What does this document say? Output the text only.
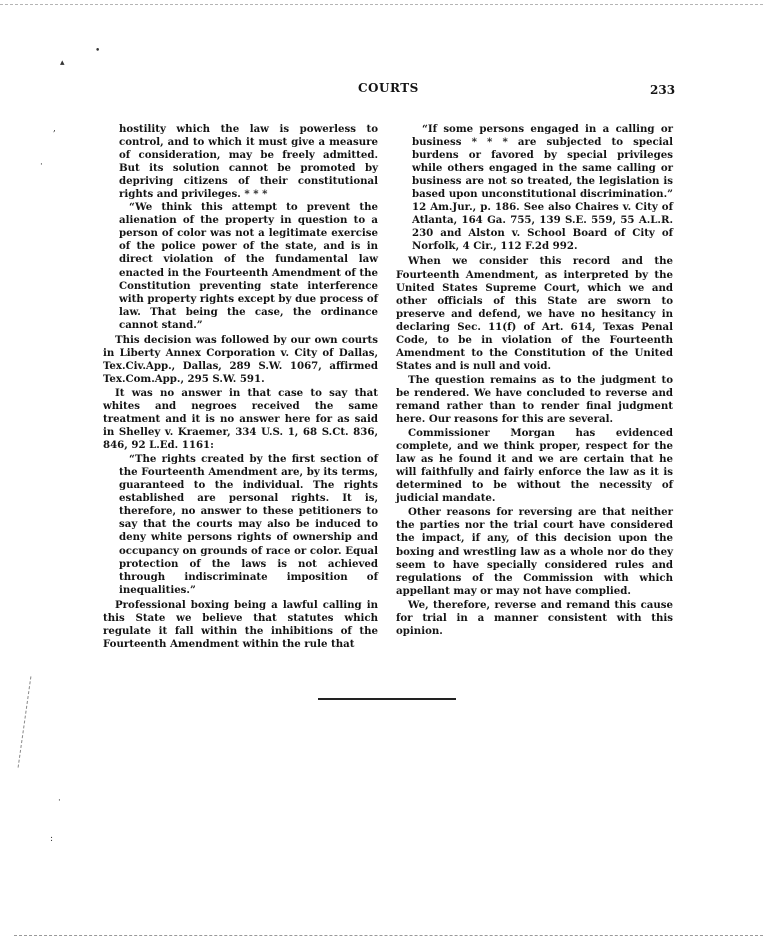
•
▴
,
·
·
:
COURTS	233

hostility which the law is powerless to control, and to which it must give a measure of consideration, may be freely admitted. But its solution cannot be promoted by depriving citizens of their constitutional rights and privileges. * * *

“We think this attempt to prevent the alienation of the property in question to a person of color was not a legitimate exercise of the police power of the state, and is in direct violation of the fundamental law enacted in the Fourteenth Amendment of the Constitution preventing state interference with property rights except by due process of law. That being the case, the ordinance cannot stand.”

This decision was followed by our own courts in Liberty Annex Corporation v. City of Dallas, Tex.Civ.App., Dallas, 289 S.W. 1067, affirmed Tex.Com.App., 295 S.W. 591.

It was no answer in that case to say that whites and negroes received the same treatment and it is no answer here for as said in Shelley v. Kraemer, 334 U.S. 1, 68 S.Ct. 836, 846, 92 L.Ed. 1161:

“The rights created by the first section of the Fourteenth Amendment are, by its terms, guaranteed to the individual. The rights established are personal rights. It is, therefore, no answer to these petitioners to say that the courts may also be induced to deny white persons rights of ownership and occupancy on grounds of race or color. Equal protection of the laws is not achieved through indiscriminate imposition of inequalities.”

Professional boxing being a lawful calling in this State we believe that statutes which regulate it fall within the inhibitions of the Fourteenth Amendment within the rule that

“If some persons engaged in a calling or business * * * are subjected to special burdens or favored by special privileges while others engaged in the same calling or business are not so treated, the legislation is based upon unconstitutional discrimination.” 12 Am.Jur., p. 186. See also Chaires v. City of Atlanta, 164 Ga. 755, 139 S.E. 559, 55 A.L.R. 230 and Alston v. School Board of City of Norfolk, 4 Cir., 112 F.2d 992.

When we consider this record and the Fourteenth Amendment, as interpreted by the United States Supreme Court, which we and other officials of this State are sworn to preserve and defend, we have no hesitancy in declaring Sec. 11(f) of Art. 614, Texas Penal Code, to be in violation of the Fourteenth Amendment to the Constitution of the United States and is null and void.

The question remains as to the judgment to be rendered. We have concluded to reverse and remand rather than to render final judgment here. Our reasons for this are several.

Commissioner Morgan has evidenced complete, and we think proper, respect for the law as he found it and we are certain that he will faithfully and fairly enforce the law as it is determined to be without the necessity of judicial mandate.

Other reasons for reversing are that neither the parties nor the trial court have considered the impact, if any, of this decision upon the boxing and wrestling law as a whole nor do they seem to have specially considered rules and regulations of the Commission with which appellant may or may not have complied.

We, therefore, reverse and remand this cause for trial in a manner consistent with this opinion.
